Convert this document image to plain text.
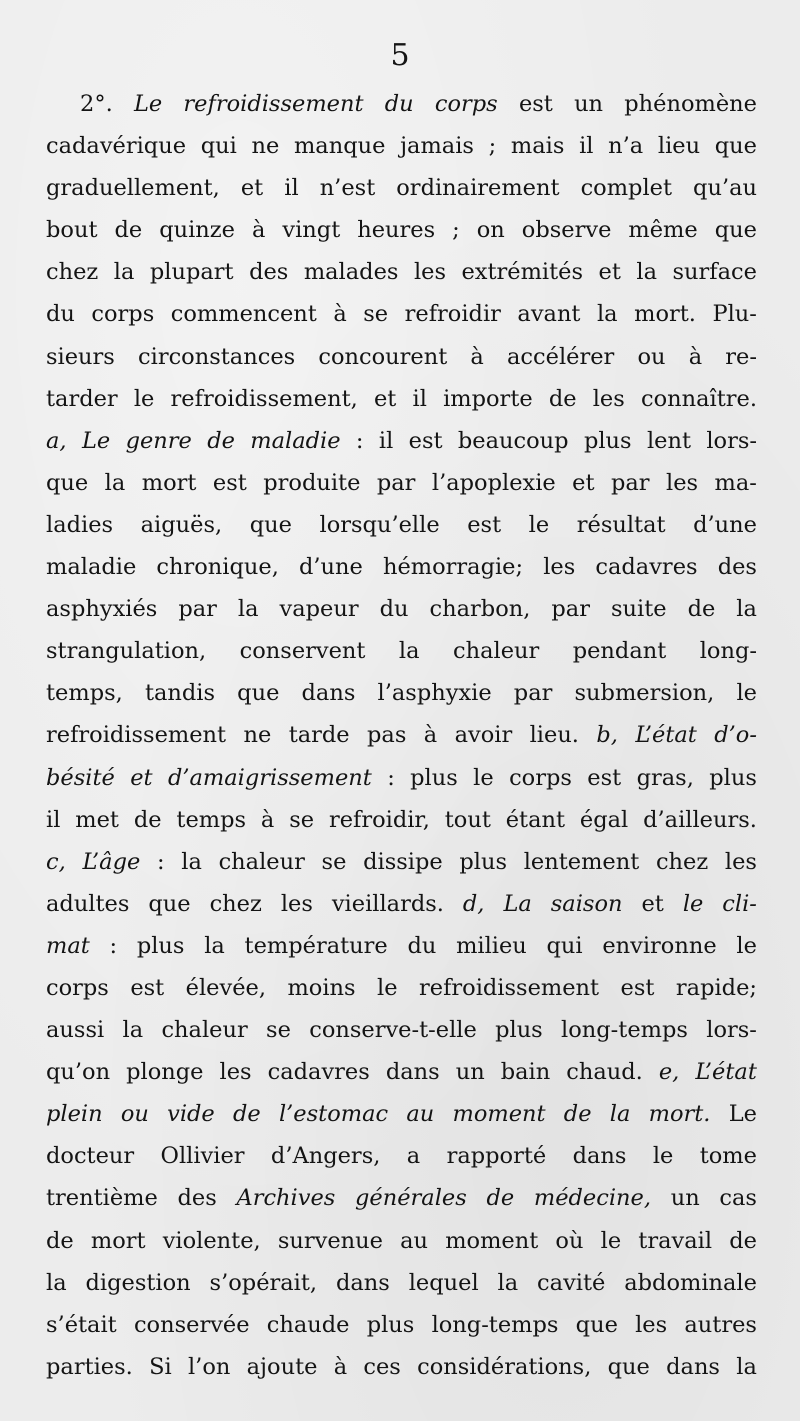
5
2°. Le refroidissement du corps est un phénomène
cadavérique qui ne manque jamais ; mais il n’a lieu que
graduellement, et il n’est ordinairement complet qu’au
bout de quinze à vingt heures ; on observe même que
chez la plupart des malades les extrémités et la surface
du corps commencent à se refroidir avant la mort. Plu-
sieurs circonstances concourent à accélérer ou à re-
tarder le refroidissement, et il importe de les connaître.
a, Le genre de maladie : il est beaucoup plus lent lors-
que la mort est produite par l’apoplexie et par les ma-
ladies aiguës, que lorsqu’elle est le résultat d’une
maladie chronique, d’une hémorragie; les cadavres des
asphyxiés par la vapeur du charbon, par suite de la
strangulation, conservent la chaleur pendant long-
temps, tandis que dans l’asphyxie par submersion, le
refroidissement ne tarde pas à avoir lieu. b, L’état d’o-
bésité et d’amaigrissement : plus le corps est gras, plus
il met de temps à se refroidir, tout étant égal d’ailleurs.
c, L’âge : la chaleur se dissipe plus lentement chez les
adultes que chez les vieillards. d, La saison et le cli-
mat : plus la température du milieu qui environne le
corps est élevée, moins le refroidissement est rapide;
aussi la chaleur se conserve-t-elle plus long-temps lors-
qu’on plonge les cadavres dans un bain chaud. e, L’état
plein ou vide de l’estomac au moment de la mort. Le
docteur Ollivier d’Angers, a rapporté dans le tome
trentième des Archives générales de médecine, un cas
de mort violente, survenue au moment où le travail de
la digestion s’opérait, dans lequel la cavité abdominale
s’était conservée chaude plus long-temps que les autres
parties. Si l’on ajoute à ces considérations, que dans la
